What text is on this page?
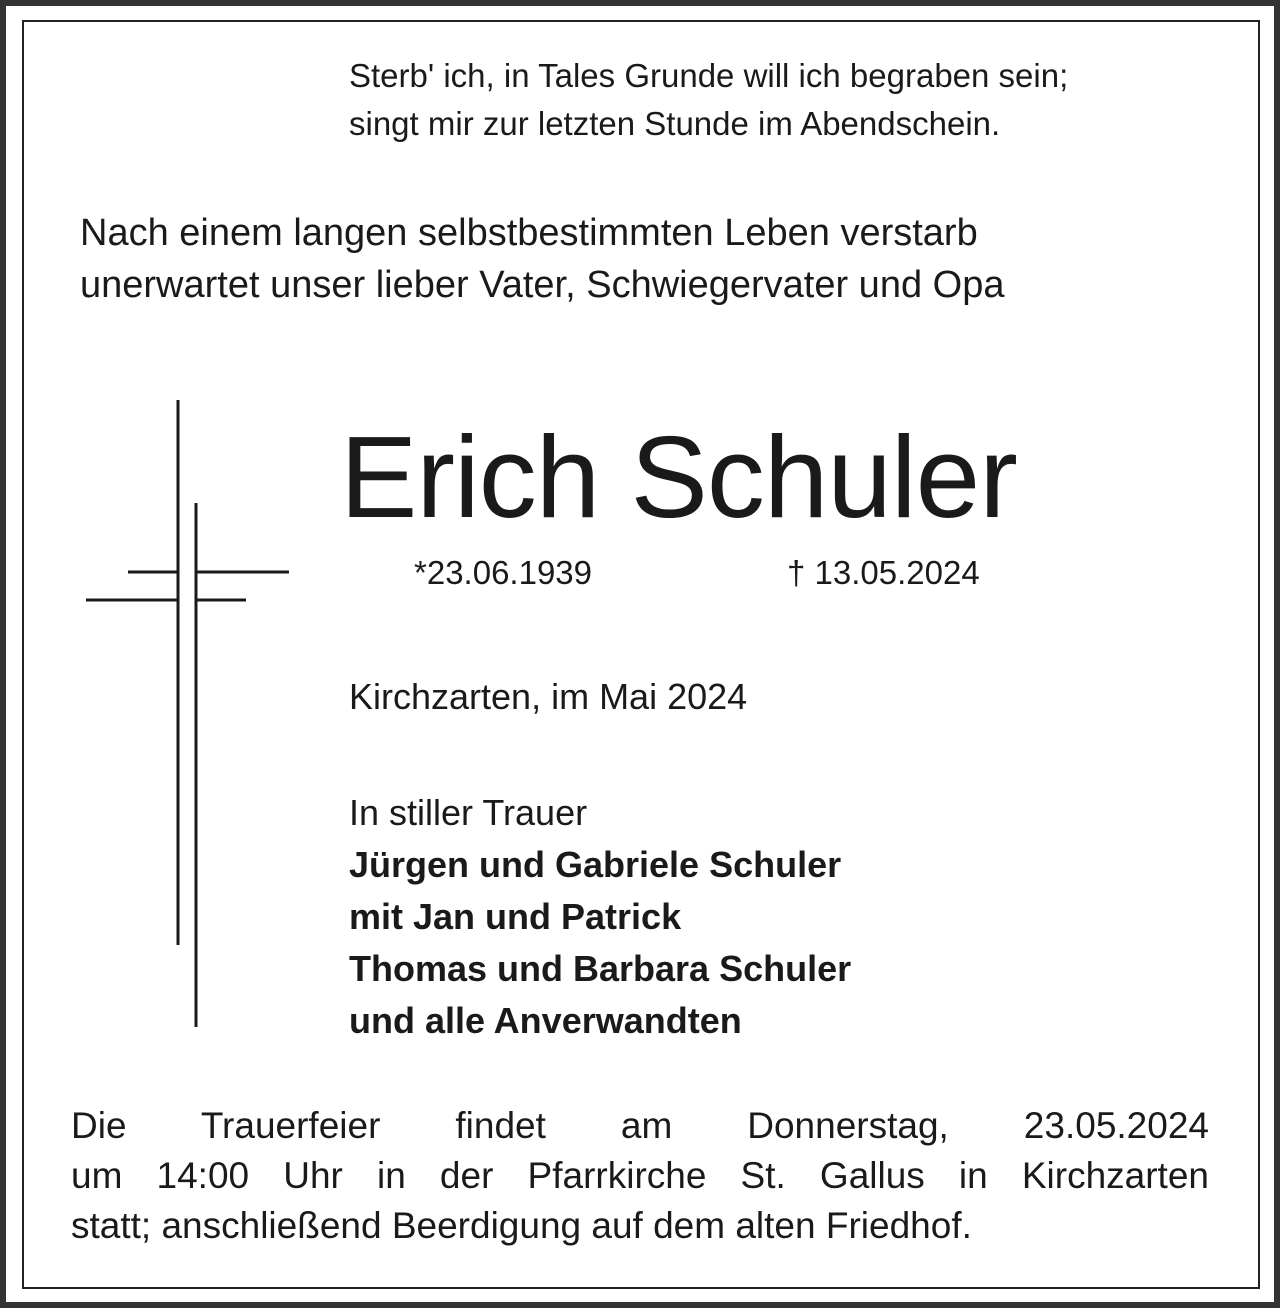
Sterb' ich, in Tales Grunde will ich begraben sein;

singt mir zur letzten Stunde im Abendschein.

Nach einem langen selbstbestimmten Leben verstarb

unerwartet unser lieber Vater, Schwiegervater und Opa

Erich Schuler

*23.06.1939	† 13.05.2024

Kirchzarten, im Mai 2024

In stiller Trauer

Jürgen und Gabriele Schuler

mit Jan und Patrick

Thomas und Barbara Schuler

und alle Anverwandten

Die Trauerfeier findet am Donnerstag, 23.05.2024

um 14:00 Uhr in der Pfarrkirche St. Gallus in Kirchzarten

statt; anschließend Beerdigung auf dem alten Friedhof.
